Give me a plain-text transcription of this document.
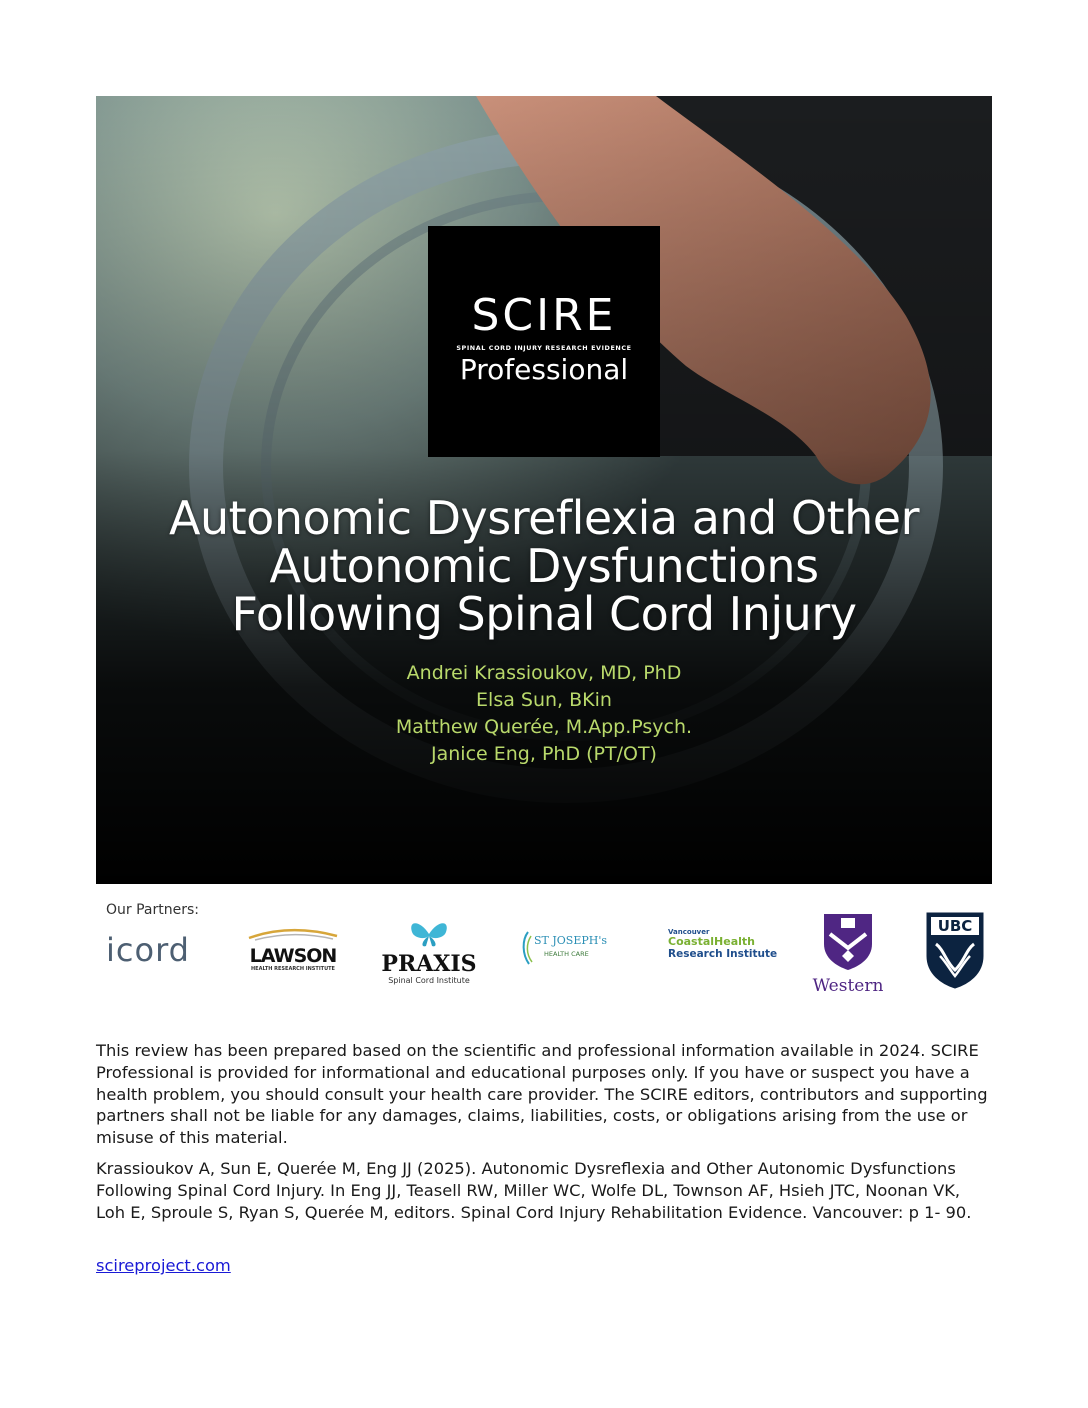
SCIRE
SPINAL CORD INJURY RESEARCH EVIDENCE
Professional
Autonomic Dysreflexia and Other
Autonomic Dysfunctions
Following Spinal Cord Injury
Andrei Krassioukov, MD, PhD
Elsa Sun, BKin
Matthew Querée, M.App.Psych.
Janice Eng, PhD (PT/OT)
Our Partners:
icord	LAWSON
HEALTH RESEARCH INSTITUTE PRAXIS
Spinal Cord Institute
ST JOSEPH's
HEALTH CARE
Vancouver
CoastalHealth
Research Institute
Western
UBC
This review has been prepared based on the scientific and professional information available in 2024. SCIRE Professional is provided for informational and educational purposes only. If you have or suspect you have a health problem, you should consult your health care provider. The SCIRE editors, contributors and supporting partners shall not be liable for any damages, claims, liabilities, costs, or obligations arising from the use or misuse of this material.
Krassioukov A, Sun E, Querée M, Eng JJ (2025). Autonomic Dysreflexia and Other Autonomic Dysfunctions Following Spinal Cord Injury. In Eng JJ, Teasell RW, Miller WC, Wolfe DL, Townson AF, Hsieh JTC, Noonan VK, Loh E, Sproule S, Ryan S, Querée M, editors. Spinal Cord Injury Rehabilitation Evidence. Vancouver: p 1- 90.
scireproject.com
